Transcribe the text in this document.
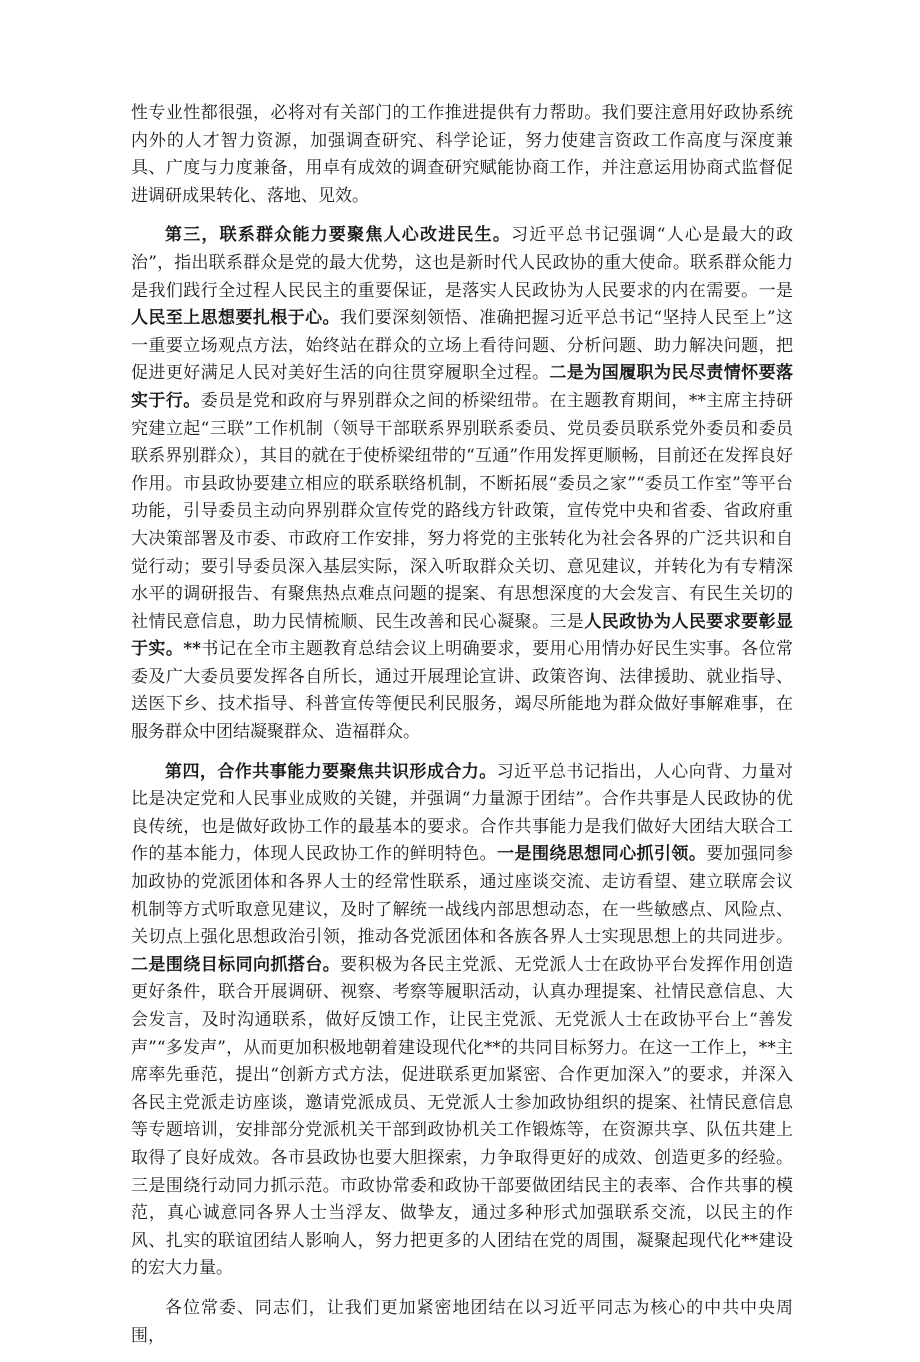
性专业性都很强，必将对有关部门的工作推进提供有力帮助。我们要注意用好政协系统内外的人才智力资源，加强调查研究、科学论证，努力使建言资政工作高度与深度兼具、广度与力度兼备，用卓有成效的调查研究赋能协商工作，并注意运用协商式监督促进调研成果转化、落地、见效。

第三，联系群众能力要聚焦人心改进民生。习近平总书记强调“人心是最大的政治”，指出联系群众是党的最大优势，这也是新时代人民政协的重大使命。联系群众能力是我们践行全过程人民民主的重要保证，是落实人民政协为人民要求的内在需要。一是人民至上思想要扎根于心。我们要深刻领悟、准确把握习近平总书记“坚持人民至上”这一重要立场观点方法，始终站在群众的立场上看待问题、分析问题、助力解决问题，把促进更好满足人民对美好生活的向往贯穿履职全过程。二是为国履职为民尽责情怀要落实于行。委员是党和政府与界别群众之间的桥梁纽带。在主题教育期间，**主席主持研究建立起“三联”工作机制（领导干部联系界别联系委员、党员委员联系党外委员和委员联系界别群众），其目的就在于使桥梁纽带的“互通”作用发挥更顺畅，目前还在发挥良好作用。市县政协要建立相应的联系联络机制，不断拓展“委员之家”“委员工作室”等平台功能，引导委员主动向界别群众宣传党的路线方针政策，宣传党中央和省委、省政府重大决策部署及市委、市政府工作安排，努力将党的主张转化为社会各界的广泛共识和自觉行动；要引导委员深入基层实际，深入听取群众关切、意见建议，并转化为有专精深水平的调研报告、有聚焦热点难点问题的提案、有思想深度的大会发言、有民生关切的社情民意信息，助力民情梳顺、民生改善和民心凝聚。三是人民政协为人民要求要彰显于实。**书记在全市主题教育总结会议上明确要求，要用心用情办好民生实事。各位常委及广大委员要发挥各自所长，通过开展理论宣讲、政策咨询、法律援助、就业指导、送医下乡、技术指导、科普宣传等便民利民服务，竭尽所能地为群众做好事解难事，在服务群众中团结凝聚群众、造福群众。

第四，合作共事能力要聚焦共识形成合力。习近平总书记指出，人心向背、力量对比是决定党和人民事业成败的关键，并强调“力量源于团结”。合作共事是人民政协的优良传统，也是做好政协工作的最基本的要求。合作共事能力是我们做好大团结大联合工作的基本能力，体现人民政协工作的鲜明特色。一是围绕思想同心抓引领。要加强同参加政协的党派团体和各界人士的经常性联系，通过座谈交流、走访看望、建立联席会议机制等方式听取意见建议，及时了解统一战线内部思想动态，在一些敏感点、风险点、关切点上强化思想政治引领，推动各党派团体和各族各界人士实现思想上的共同进步。二是围绕目标同向抓搭台。要积极为各民主党派、无党派人士在政协平台发挥作用创造更好条件，联合开展调研、视察、考察等履职活动，认真办理提案、社情民意信息、大会发言，及时沟通联系，做好反馈工作，让民主党派、无党派人士在政协平台上“善发声”“多发声”，从而更加积极地朝着建设现代化**的共同目标努力。在这一工作上，**主席率先垂范，提出“创新方式方法，促进联系更加紧密、合作更加深入”的要求，并深入各民主党派走访座谈，邀请党派成员、无党派人士参加政协组织的提案、社情民意信息等专题培训，安排部分党派机关干部到政协机关工作锻炼等，在资源共享、队伍共建上取得了良好成效。各市县政协也要大胆探索，力争取得更好的成效、创造更多的经验。三是围绕行动同力抓示范。市政协常委和政协干部要做团结民主的表率、合作共事的模范，真心诚意同各界人士当浮友、做挚友，通过多种形式加强联系交流，以民主的作风、扎实的联谊团结人影响人，努力把更多的人团结在党的周围，凝聚起现代化**建设的宏大力量。

各位常委、同志们，让我们更加紧密地团结在以习近平同志为核心的中共中央周围，
